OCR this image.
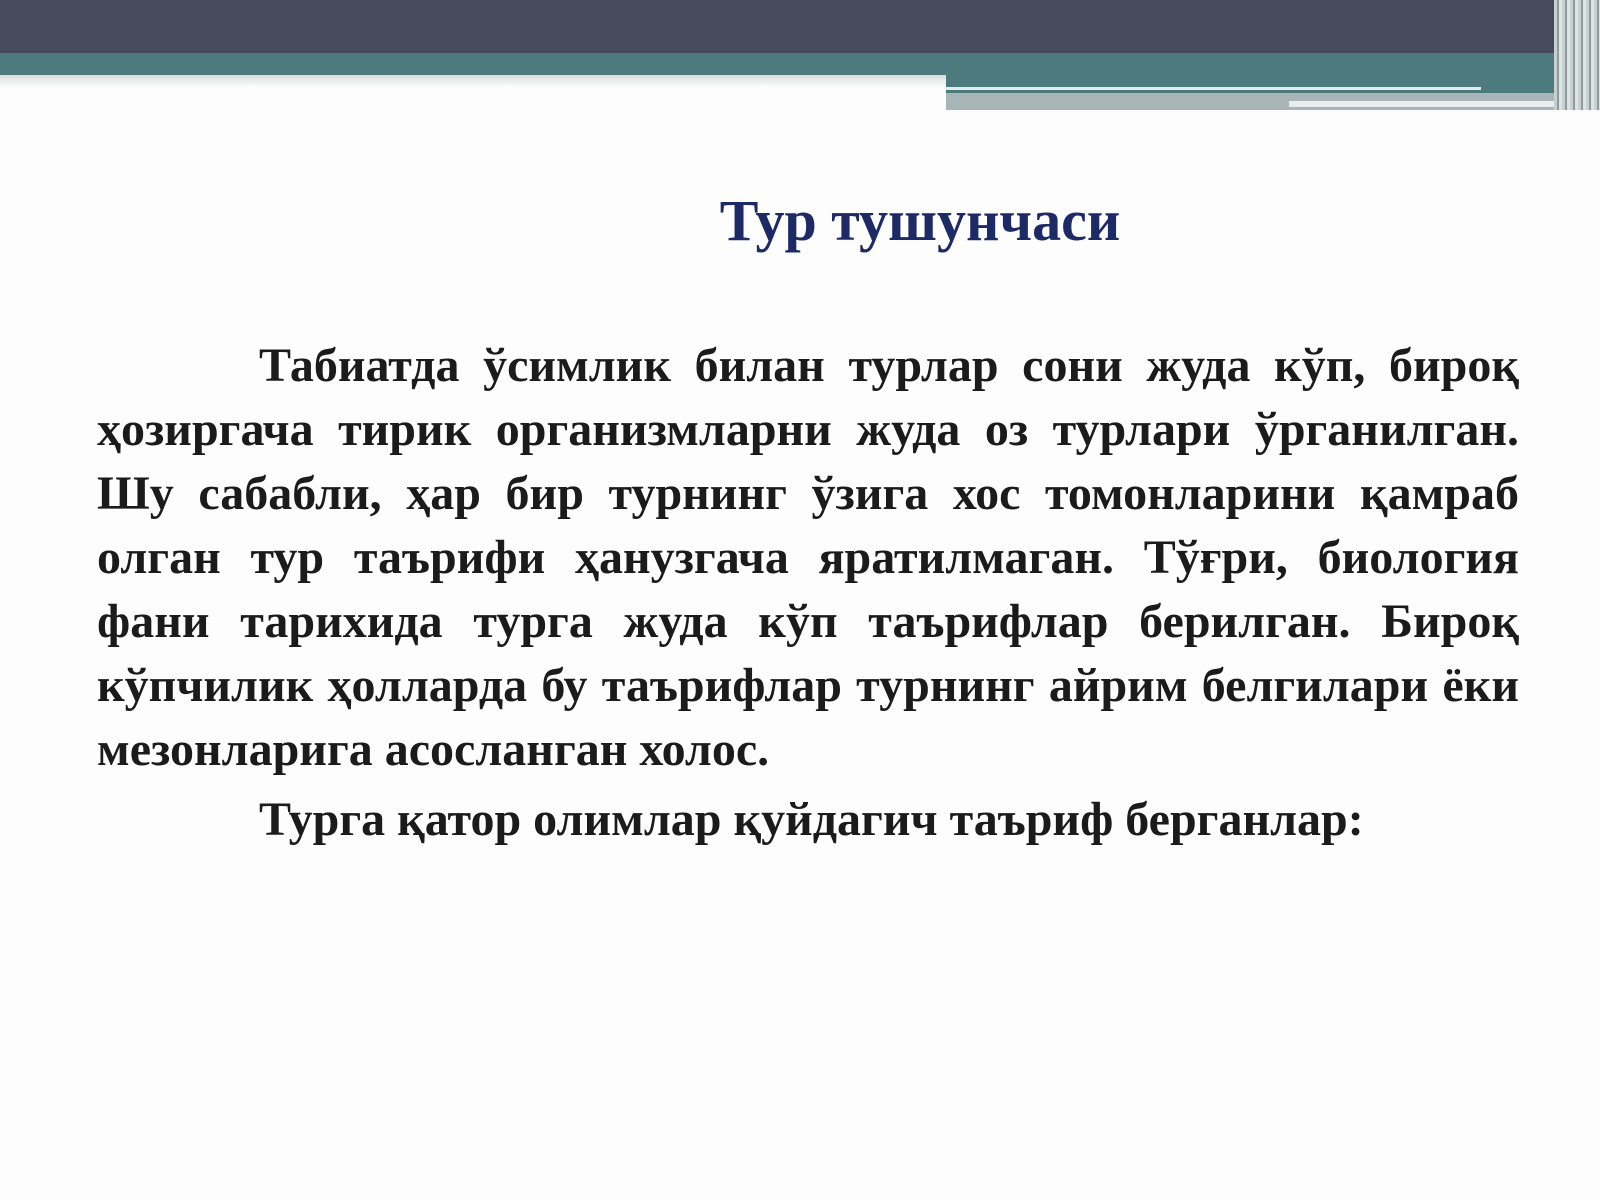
Тур тушунчаси

Табиатда ўсимлик билан турлар сони жуда кўп, бироқ ҳозиргача тирик организмларни жуда оз турлари ўрганилган. Шу сабабли, ҳар бир турнинг ўзига хос томонларини қамраб олган тур таърифи ҳанузгача яратилмаган. Тўғри, биология фани тарихида турга жуда кўп таърифлар берилган. Бироқ кўпчилик ҳолларда бу таърифлар турнинг айрим белгилари ёки мезонларига асосланган холос.

Турга қатор олимлар қуйдагич таъриф берганлар:
